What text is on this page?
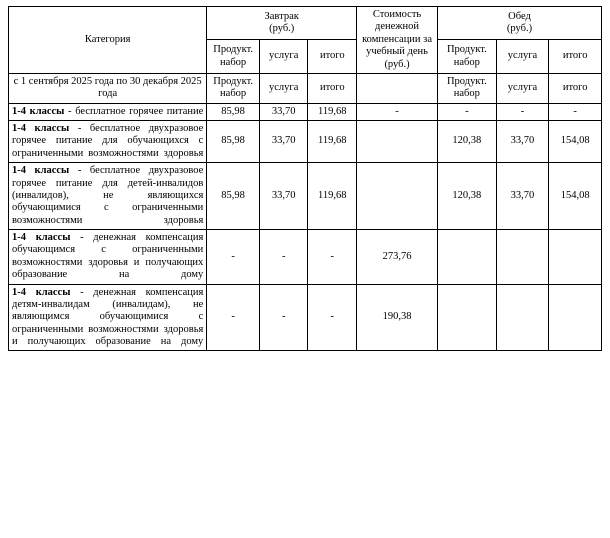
Категория	Завтрак
(руб.)			Стоимость денежной компенсации за учебный день (руб.)	Обед
(руб.)		

	Продукт. набор	услуга	итого		Продукт. набор	услуга	итого
с 1 сентября 2025 года по 30 декабря 2025 года	Продукт. набор	услуга	итого		Продукт. набор	услуга	итого
1-4 классы - бесплатное горячее питание	85,98	33,70	119,68	-	-	-	-
1-4 классы - бесплатное двухразовое горячее питание для обучающихся с ограниченными возможностями здоровья	85,98	33,70	119,68		120,38	33,70	154,08
1-4 классы - бесплатное двухразовое горячее питание для детей-инвалидов (инвалидов), не являющихся обучающимися с ограниченными возможностями здоровья	85,98	33,70	119,68		120,38	33,70	154,08
1-4 классы - денежная компенсация обучающимся с ограниченными возможностями здоровья и получающих образование на дому	-	-	-	273,76			
1-4 классы - денежная компенсация детям-инвалидам (инвалидам), не являющимся обучающимися с ограниченными возможностями здоровья и получающих образование на дому	-	-	-	190,38			
